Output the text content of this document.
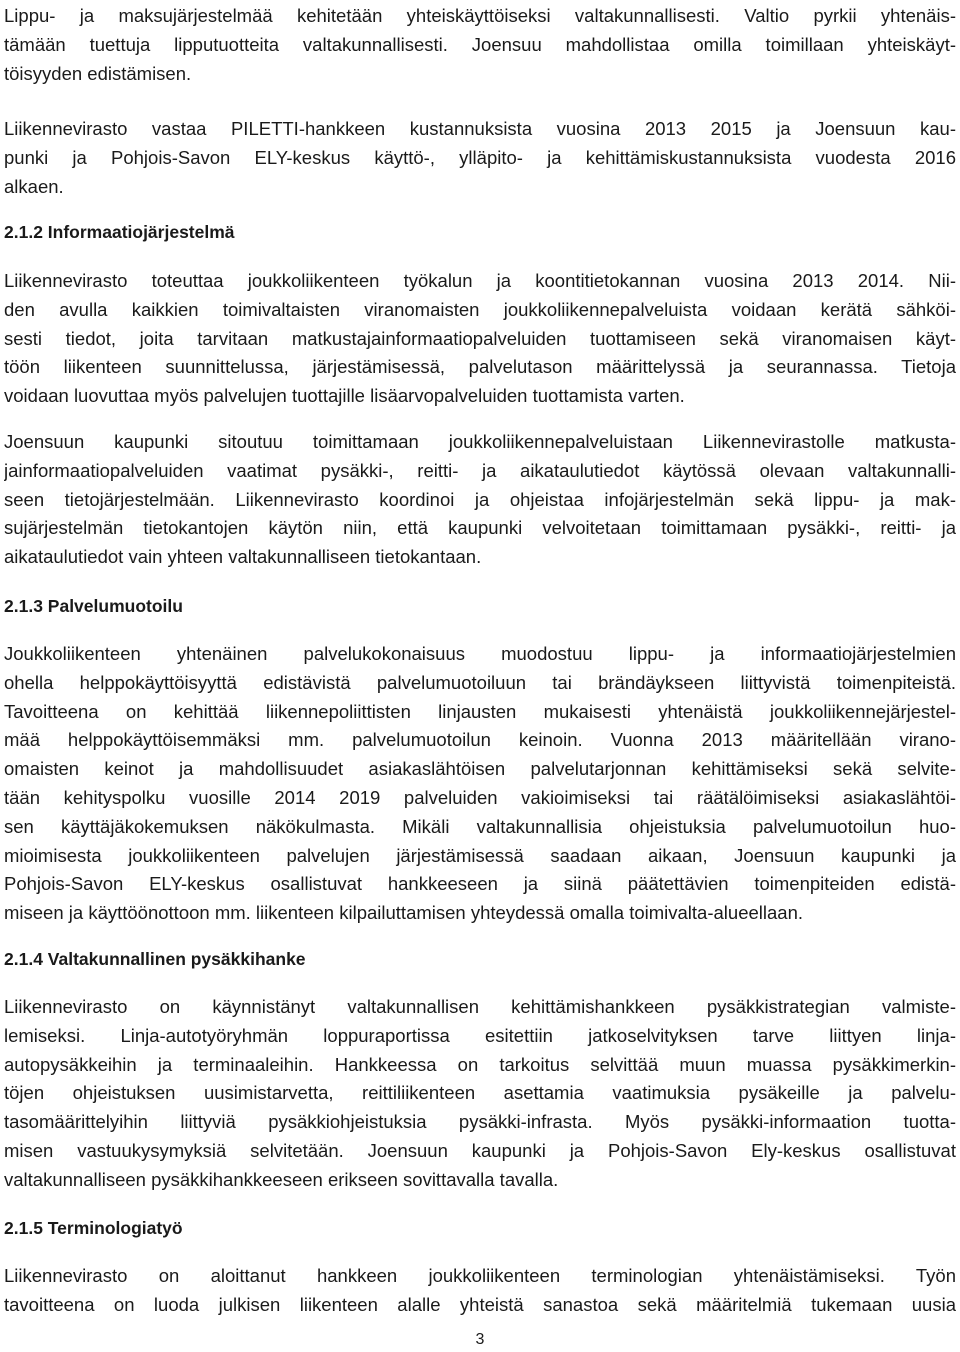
Lippu- ja maksujärjestelmää kehitetään yhteiskäyttöiseksi valtakunnallisesti. Valtio pyrkii yhtenäis-
tämään tuettuja lipputuotteita valtakunnallisesti. Joensuu mahdollistaa omilla toimillaan yhteiskäyt-
töisyyden edistämisen.
Liikennevirasto vastaa PILETTI-hankkeen kustannuksista vuosina 2013 2015 ja Joensuun kau-
punki ja Pohjois-Savon ELY-keskus käyttö-, ylläpito- ja kehittämiskustannuksista vuodesta 2016
alkaen.
2.1.2 Informaatiojärjestelmä
Liikennevirasto toteuttaa joukkoliikenteen työkalun ja koontitietokannan vuosina 2013 2014. Nii-
den avulla kaikkien toimivaltaisten viranomaisten joukkoliikennepalveluista voidaan kerätä sähköi-
sesti tiedot, joita tarvitaan matkustajainformaatiopalveluiden tuottamiseen sekä viranomaisen käyt-
töön liikenteen suunnittelussa, järjestämisessä, palvelutason määrittelyssä ja seurannassa. Tietoja
voidaan luovuttaa myös palvelujen tuottajille lisäarvopalveluiden tuottamista varten.
Joensuun kaupunki sitoutuu toimittamaan joukkoliikennepalveluistaan Liikennevirastolle matkusta-
jainformaatiopalveluiden vaatimat pysäkki-, reitti- ja aikataulutiedot käytössä olevaan valtakunnalli-
seen tietojärjestelmään. Liikennevirasto koordinoi ja ohjeistaa infojärjestelmän sekä lippu- ja mak-
sujärjestelmän tietokantojen käytön niin, että kaupunki velvoitetaan toimittamaan pysäkki-, reitti- ja
aikataulutiedot vain yhteen valtakunnalliseen tietokantaan.
2.1.3 Palvelumuotoilu
Joukkoliikenteen yhtenäinen palvelukokonaisuus muodostuu lippu- ja informaatiojärjestelmien
ohella helppokäyttöisyyttä edistävistä palvelumuotoiluun tai brändäykseen liittyvistä toimenpiteistä.
Tavoitteena on kehittää liikennepoliittisten linjausten mukaisesti yhtenäistä joukkoliikennejärjestel-
mää helppokäyttöisemmäksi mm. palvelumuotoilun keinoin. Vuonna 2013 määritellään virano-
omaisten keinot ja mahdollisuudet asiakaslähtöisen palvelutarjonnan kehittämiseksi sekä selvite-
tään kehityspolku vuosille 2014 2019 palveluiden vakioimiseksi tai räätälöimiseksi asiakaslähtöi-
sen käyttäjäkokemuksen näkökulmasta. Mikäli valtakunnallisia ohjeistuksia palvelumuotoilun huo-
mioimisesta joukkoliikenteen palvelujen järjestämisessä saadaan aikaan, Joensuun kaupunki ja
Pohjois-Savon ELY-keskus osallistuvat hankkeeseen ja siinä päätettävien toimenpiteiden edistä-
miseen ja käyttöönottoon mm. liikenteen kilpailuttamisen yhteydessä omalla toimivalta-alueellaan.
2.1.4 Valtakunnallinen pysäkkihanke
Liikennevirasto on käynnistänyt valtakunnallisen kehittämishankkeen pysäkkistrategian valmiste-
lemiseksi. Linja-autotyöryhmän loppuraportissa esitettiin jatkoselvityksen tarve liittyen linja-
autopysäkkeihin ja terminaaleihin. Hankkeessa on tarkoitus selvittää muun muassa pysäkkimerkin-
töjen ohjeistuksen uusimistarvetta, reittiliikenteen asettamia vaatimuksia pysäkeille ja palvelu-
tasomäärittelyihin liittyviä pysäkkiohjeistuksia pysäkki-infrasta. Myös pysäkki-informaation tuotta-
misen vastuukysymyksiä selvitetään. Joensuun kaupunki ja Pohjois-Savon Ely-keskus osallistuvat
valtakunnalliseen pysäkkihankkeeseen erikseen sovittavalla tavalla.
2.1.5 Terminologiatyö
Liikennevirasto on aloittanut hankkeen joukkoliikenteen terminologian yhtenäistämiseksi. Työn
tavoitteena on luoda julkisen liikenteen alalle yhteistä sanastoa sekä määritelmiä tukemaan uusia
3
